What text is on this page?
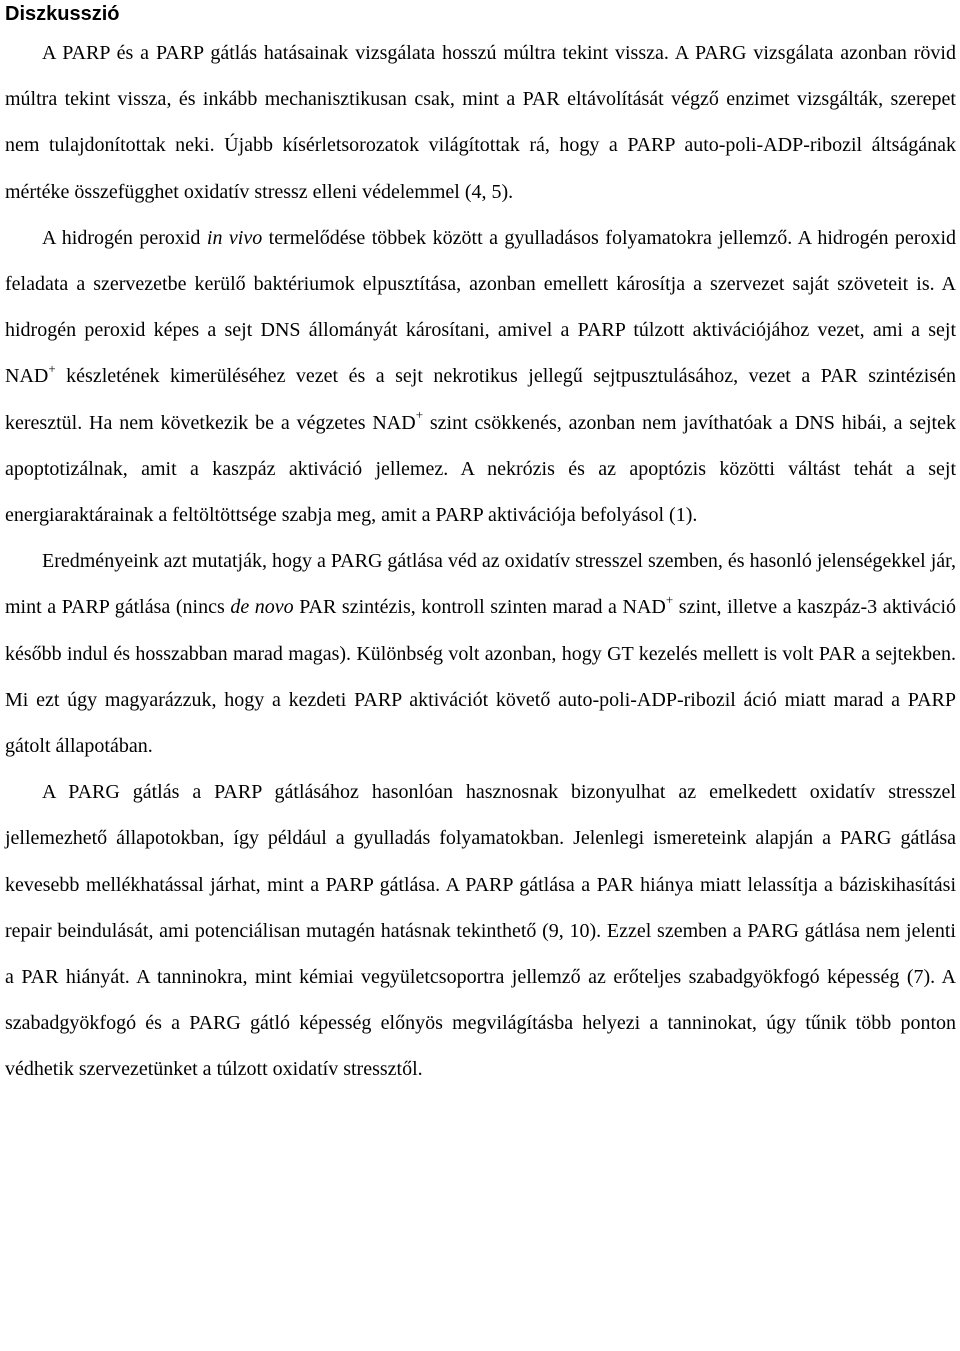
Diszkusszió

A PARP és a PARP gátlás hatásainak vizsgálata hosszú múltra tekint vissza. A PARG vizsgálata azonban rövid múltra tekint vissza, és inkább mechanisztikusan csak, mint a PAR eltávolítását végző enzimet vizsgálták, szerepet nem tulajdonítottak neki. Újabb kísérletsorozatok világítottak rá, hogy a PARP auto-poli-ADP-ribozil áltságának mértéke összefügghet oxidatív stressz elleni védelemmel (4, 5).

A hidrogén peroxid in vivo termelődése többek között a gyulladásos folyamatokra jellemző. A hidrogén peroxid feladata a szervezetbe kerülő baktériumok elpusztítása, azonban emellett károsítja a szervezet saját szöveteit is. A hidrogén peroxid képes a sejt DNS állományát károsítani, amivel a PARP túlzott aktivációjához vezet, ami a sejt NAD+ készletének kimerüléséhez vezet és a sejt nekrotikus jellegű sejtpusztulásához, vezet a PAR szintézisén keresztül. Ha nem következik be a végzetes NAD+ szint csökkenés, azonban nem javíthatóak a DNS hibái, a sejtek apoptotizálnak, amit a kaszpáz aktiváció jellemez. A nekrózis és az apoptózis közötti váltást tehát a sejt energiaraktárainak a feltöltöttsége szabja meg, amit a PARP aktivációja befolyásol (1).

Eredményeink azt mutatják, hogy a PARG gátlása véd az oxidatív stresszel szemben, és hasonló jelenségekkel jár, mint a PARP gátlása (nincs de novo PAR szintézis, kontroll szinten marad a NAD+ szint, illetve a kaszpáz-3 aktiváció később indul és hosszabban marad magas). Különbség volt azonban, hogy GT kezelés mellett is volt PAR a sejtekben. Mi ezt úgy magyarázzuk, hogy a kezdeti PARP aktivációt követő auto-poli-ADP-ribozil áció miatt marad a PARP gátolt állapotában.

A PARG gátlás a PARP gátlásához hasonlóan hasznosnak bizonyulhat az emelkedett oxidatív stresszel jellemezhető állapotokban, így például a gyulladás folyamatokban. Jelenlegi ismereteink alapján a PARG gátlása kevesebb mellékhatással járhat, mint a PARP gátlása. A PARP gátlása a PAR hiánya miatt lelassítja a báziskihasítási repair beindulását, ami potenciálisan mutagén hatásnak tekinthető (9, 10). Ezzel szemben a PARG gátlása nem jelenti a PAR hiányát. A tanninokra, mint kémiai vegyületcsoportra jellemző az erőteljes szabadgyökfogó képesség (7). A szabadgyökfogó és a PARG gátló képesség előnyös megvilágításba helyezi a tanninokat, úgy tűnik több ponton védhetik szervezetünket a túlzott oxidatív stressztől.
